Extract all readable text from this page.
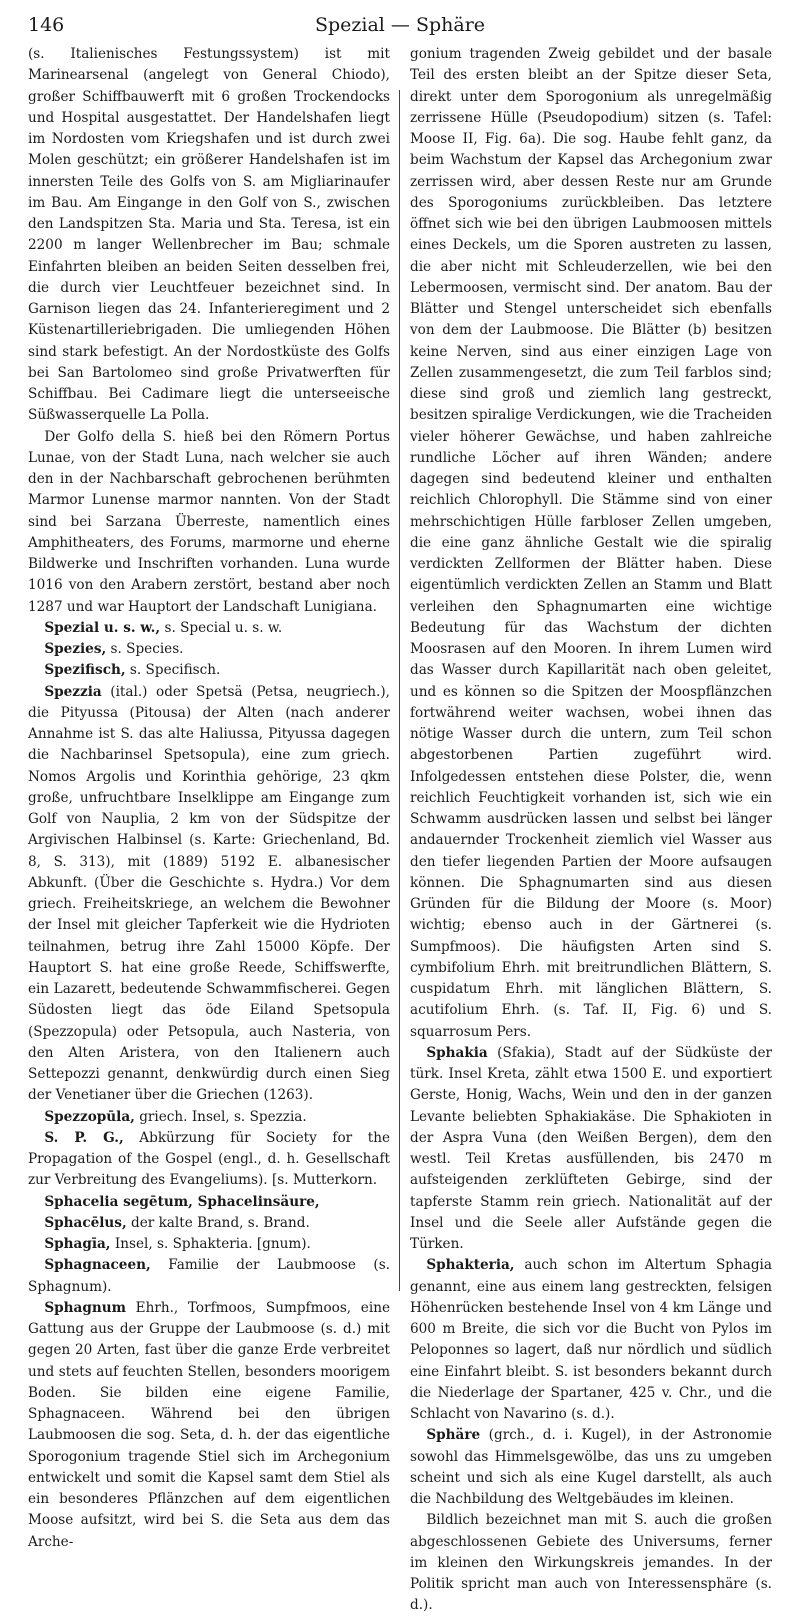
146	Spezial — Sphäre

(s. Italienisches Festungssystem) ist mit Marinearsenal (angelegt von General Chiodo), großer Schiffbauwerft mit 6 großen Trockendocks und Hospital ausgestattet. Der Handelshafen liegt im Nordosten vom Kriegshafen und ist durch zwei Molen geschützt; ein größerer Handelshafen ist im innersten Teile des Golfs von S. am Migliarinaufer im Bau. Am Eingange in den Golf von S., zwischen den Landspitzen Sta. Maria und Sta. Teresa, ist ein 2200 m langer Wellenbrecher im Bau; schmale Einfahrten bleiben an beiden Seiten desselben frei, die durch vier Leuchtfeuer bezeichnet sind. In Garnison liegen das 24. Infanterieregiment und 2 Küstenartilleriebrigaden. Die umliegenden Höhen sind stark befestigt. An der Nordostküste des Golfs bei San Bartolomeo sind große Privatwerften für Schiffbau. Bei Cadimare liegt die unterseeische Süßwasserquelle La Polla.

Der Golfo della S. hieß bei den Römern Portus Lunae, von der Stadt Luna, nach welcher sie auch den in der Nachbarschaft gebrochenen berühmten Marmor Lunense marmor nannten. Von der Stadt sind bei Sarzana Überreste, namentlich eines Amphitheaters, des Forums, marmorne und eherne Bildwerke und Inschriften vorhanden. Luna wurde 1016 von den Arabern zerstört, bestand aber noch 1287 und war Hauptort der Landschaft Lunigiana.

Spezial u. s. w., s. Special u. s. w.

Spezies, s. Species.

Spezifisch, s. Specifisch.

Spezzia (ital.) oder Spetsä (Petsa, neugriech.), die Pityussa (Pitousa) der Alten (nach anderer Annahme ist S. das alte Haliussa, Pityussa dagegen die Nachbarinsel Spetsopula), eine zum griech. Nomos Argolis und Korinthia gehörige, 23 qkm große, unfruchtbare Inselklippe am Eingange zum Golf von Nauplia, 2 km von der Südspitze der Argivischen Halbinsel (s. Karte: Griechenland, Bd. 8, S. 313), mit (1889) 5192 E. albanesischer Abkunft. (Über die Geschichte s. Hydra.) Vor dem griech. Freiheitskriege, an welchem die Bewohner der Insel mit gleicher Tapferkeit wie die Hydrioten teilnahmen, betrug ihre Zahl 15000 Köpfe. Der Hauptort S. hat eine große Reede, Schiffswerfte, ein Lazarett, bedeutende Schwammfischerei. Gegen Südosten liegt das öde Eiland Spetsopula (Spezzopula) oder Petsopula, auch Nasteria, von den Alten Aristera, von den Italienern auch Settepozzi genannt, denkwürdig durch einen Sieg der Venetianer über die Griechen (1263).

Spezzopūla, griech. Insel, s. Spezzia.

S. P. G., Abkürzung für Society for the Propagation of the Gospel (engl., d. h. Gesellschaft zur Verbreitung des Evangeliums). [s. Mutterkorn.

Sphacelia segētum, Sphacelinsäure,

Sphacēlus, der kalte Brand, s. Brand.

Sphagīa, Insel, s. Sphakteria. [gnum).

Sphagnaceen, Familie der Laubmoose (s. Sphagnum).

Sphagnum Ehrh., Torfmoos, Sumpfmoos, eine Gattung aus der Gruppe der Laubmoose (s. d.) mit gegen 20 Arten, fast über die ganze Erde verbreitet und stets auf feuchten Stellen, besonders moorigem Boden. Sie bilden eine eigene Familie, Sphagnaceen. Während bei den übrigen Laubmoosen die sog. Seta, d. h. der das eigentliche Sporogonium tragende Stiel sich im Archegonium entwickelt und somit die Kapsel samt dem Stiel als ein besonderes Pflänzchen auf dem eigentlichen Moose aufsitzt, wird bei S. die Seta aus dem das Arche-

gonium tragenden Zweig gebildet und der basale Teil des ersten bleibt an der Spitze dieser Seta, direkt unter dem Sporogonium als unregelmäßig zerrissene Hülle (Pseudopodium) sitzen (s. Tafel: Moose II, Fig. 6a). Die sog. Haube fehlt ganz, da beim Wachstum der Kapsel das Archegonium zwar zerrissen wird, aber dessen Reste nur am Grunde des Sporogoniums zurückbleiben. Das letztere öffnet sich wie bei den übrigen Laubmoosen mittels eines Deckels, um die Sporen austreten zu lassen, die aber nicht mit Schleuderzellen, wie bei den Lebermoosen, vermischt sind. Der anatom. Bau der Blätter und Stengel unterscheidet sich ebenfalls von dem der Laubmoose. Die Blätter (b) besitzen keine Nerven, sind aus einer einzigen Lage von Zellen zusammengesetzt, die zum Teil farblos sind; diese sind groß und ziemlich lang gestreckt, besitzen spiralige Verdickungen, wie die Tracheiden vieler höherer Gewächse, und haben zahlreiche rundliche Löcher auf ihren Wänden; andere dagegen sind bedeutend kleiner und enthalten reichlich Chlorophyll. Die Stämme sind von einer mehrschichtigen Hülle farbloser Zellen umgeben, die eine ganz ähnliche Gestalt wie die spiralig verdickten Zellformen der Blätter haben. Diese eigentümlich verdickten Zellen an Stamm und Blatt verleihen den Sphagnumarten eine wichtige Bedeutung für das Wachstum der dichten Moosrasen auf den Mooren. In ihrem Lumen wird das Wasser durch Kapillarität nach oben geleitet, und es können so die Spitzen der Moospflänzchen fortwährend weiter wachsen, wobei ihnen das nötige Wasser durch die untern, zum Teil schon abgestorbenen Partien zugeführt wird. Infolgedessen entstehen diese Polster, die, wenn reichlich Feuchtigkeit vorhanden ist, sich wie ein Schwamm ausdrücken lassen und selbst bei länger andauernder Trockenheit ziemlich viel Wasser aus den tiefer liegenden Partien der Moore aufsaugen können. Die Sphagnumarten sind aus diesen Gründen für die Bildung der Moore (s. Moor) wichtig; ebenso auch in der Gärtnerei (s. Sumpfmoos). Die häufigsten Arten sind S. cymbifolium Ehrh. mit breitrundlichen Blättern, S. cuspidatum Ehrh. mit länglichen Blättern, S. acutifolium Ehrh. (s. Taf. II, Fig. 6) und S. squarrosum Pers.

Sphakia (Sfakia), Stadt auf der Südküste der türk. Insel Kreta, zählt etwa 1500 E. und exportiert Gerste, Honig, Wachs, Wein und den in der ganzen Levante beliebten Sphakiakäse. Die Sphakioten in der Aspra Vuna (den Weißen Bergen), dem den westl. Teil Kretas ausfüllenden, bis 2470 m aufsteigenden zerklüfteten Gebirge, sind der tapferste Stamm rein griech. Nationalität auf der Insel und die Seele aller Aufstände gegen die Türken.

Sphakteria, auch schon im Altertum Sphagia genannt, eine aus einem lang gestreckten, felsigen Höhenrücken bestehende Insel von 4 km Länge und 600 m Breite, die sich vor die Bucht von Pylos im Peloponnes so lagert, daß nur nördlich und südlich eine Einfahrt bleibt. S. ist besonders bekannt durch die Niederlage der Spartaner, 425 v. Chr., und die Schlacht von Navarino (s. d.).

Sphäre (grch., d. i. Kugel), in der Astronomie sowohl das Himmelsgewölbe, das uns zu umgeben scheint und sich als eine Kugel darstellt, als auch die Nachbildung des Weltgebäudes im kleinen.

Bildlich bezeichnet man mit S. auch die großen abgeschlossenen Gebiete des Universums, ferner im kleinen den Wirkungskreis jemandes. In der Politik spricht man auch von Interessensphäre (s. d.).
